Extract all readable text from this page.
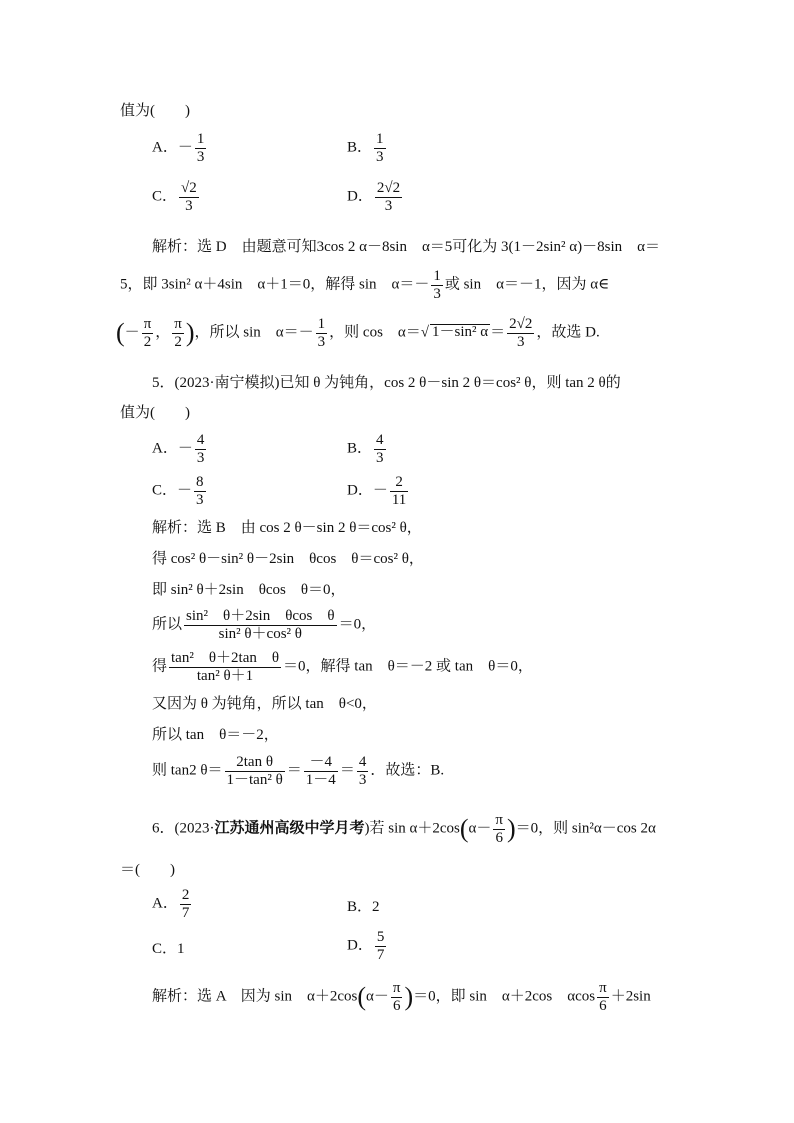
值为(　　)
A．－ $\frac{1}{3}$	B． $\frac{1}{3}$
C． $\frac{√2}{3}$	D． $\frac{2√2}{3}$
解析：选 D　由题意可知3cos 2 α－8sin　α＝5可化为 3(1－2sin² α)－8sin　α＝
5，即 3sin² α＋4sin　α＋1＝0，解得 sin　$\alpha=- \frac{1}{3}$ 或 sin　α＝－1，因为 α∈
(－ $\frac{\pi}{2}$ ， $\frac{\pi}{2}$ )，所以 sin　$\alpha=- \frac{1}{3}$ ，则 cos　α＝√ 1－sin² $\alpha = \frac{2√2}{3}$ ，故选 D.
5．(2023·南宁模拟)已知 θ 为钝角，cos 2 θ－sin 2 θ＝cos² θ，则 tan 2 θ的
值为(　　)
A．－ $\frac{4}{3}$	B． $\frac{4}{3}$
C．－ $\frac{8}{3}$	D．－ $\frac{2}{11}$
解析：选 B　由 cos 2 θ－sin 2 θ＝cos² θ，
得 cos² θ－sin² θ－2sin　θcos　θ＝cos² θ，
即 sin² θ＋2sin　θcos　θ＝0，
所以 $\frac{\text{sin²　θ＋2sin　θcos　θ}}{\text{sin² θ＋cos² θ}} =0$，
得 $\frac{\text{tan²　θ＋2tan　θ}}{\text{tan² θ＋1}} =0$，解得 tan　θ＝－2 或 tan　θ＝0，
又因为 θ 为钝角，所以 tan　θ<0，
所以 tan　θ＝－2，
则 tan2 $\theta= \frac{\text{2tan θ}}{\text{1－tan² θ}} = \frac{-4}{1-4} = \frac{4}{3}$ ．故选：B.
6．(2023·江苏通州高级中学月考)若 $\sin \alpha+2\cos(\alpha- \frac{\pi}{6} )=0$，则 sin²α－cos 2α
＝(　　)
A． $\frac{2}{7}$	B．2
C．1	D． $\frac{5}{7}$
解析：选 A　因为 sin　$\alpha+2\cos(\alpha- \frac{\pi}{6} )=0$，即 sin　α＋2cos　αcos $\frac{\pi}{6} +2\sin$
